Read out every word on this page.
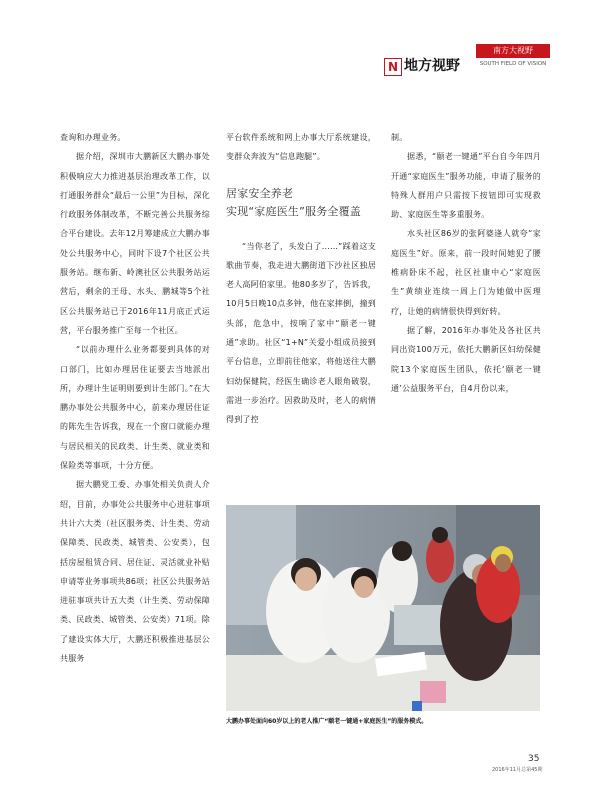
N 地方视野
南方大视野
SOUTH FIELD OF VISION

查询和办理业务。

据介绍，深圳市大鹏新区大鹏办事处积极响应大力推进基层治理改革工作，以打通服务群众“最后一公里”为目标，深化行政服务体制改革，不断完善公共服务综合平台建设。去年12月筹建成立大鹏办事处公共服务中心，同时下设7个社区公共服务站。继布新、岭澳社区公共服务站运营后，剩余的王母、水头、鹏城等5个社区公共服务站已于2016年11月底正式运营，平台服务推广至每一个社区。

“以前办理什么业务都要到具体的对口部门，比如办理居住证要去当地派出所，办理计生证明则要到计生部门。”在大鹏办事处公共服务中心，前来办理居住证的陈先生告诉我，现在一个窗口就能办理与居民相关的民政类、计生类、就业类和保险类等事项，十分方便。

据大鹏党工委、办事处相关负责人介绍，目前，办事处公共服务中心进驻事项共计六大类（社区服务类、计生类、劳动保障类、民政类、城管类、公安类），包括房屋租赁合同、居住证、灵活就业补贴申请等业务事项共86项；社区公共服务站进驻事项共计五大类（计生类、劳动保障类、民政类、城管类、公安类）71项。除了建设实体大厅，大鹏还积极推进基层公共服务

平台软件系统和网上办事大厅系统建设，变群众奔波为“信息跑腿”。

居家安全养老
实现“家庭医生”服务全覆盖

“当你老了，头发白了……”踩着这支歌曲节奏，我走进大鹏街道下沙社区独居老人高阿伯家里。他80多岁了，告诉我，10月5日晚10点多钟，他在家摔倒，撞到头部，危急中，按响了家中“颐老一键通”求助。社区“1+N”关爱小组成员接到平台信息，立即前往他家，将他送往大鹏妇幼保健院，经医生确诊老人眼角破裂，需进一步治疗。因救助及时，老人的病情得到了控

制。

据悉，“颐老一键通”平台自今年四月开通“家庭医生”服务功能，申请了服务的特殊人群用户只需按下按钮即可实现救助、家庭医生等多重服务。

水头社区86岁的张阿婆逢人就夸“家庭医生”好。原来，前一段时间她犯了腰椎病卧床不起，社区社康中心“家庭医生”黄绩业连续一周上门为她做中医理疗，让她的病情很快得到好转。

据了解，2016年办事处及各社区共同出资100万元，依托大鹏新区妇幼保健院13个家庭医生团队，依托‘颐老一键通’公益服务平台，自4月份以来，

大鹏办事处面向60岁以上的老人推广“颐老一键通+家庭医生”的服务模式。
35
2016年11月总第45期
